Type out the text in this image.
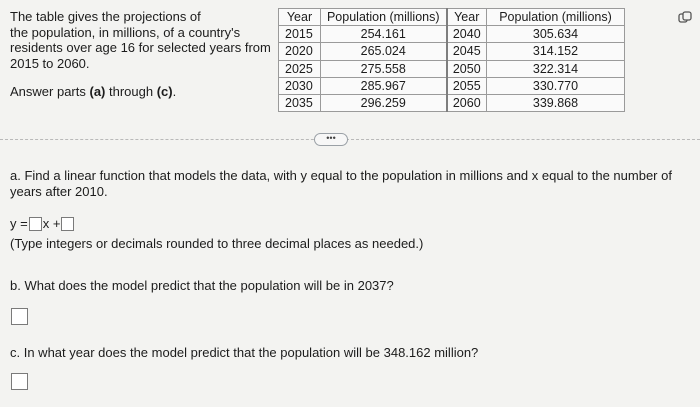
The table gives the projections of
the population, in millions, of a country's
residents over age 16 for selected years from
2015 to 2060.
Answer parts (a) through (c).
Year	Population (millions)	Year	Population (millions)
2015	254.161	2040	305.634
2020	265.024	2045	314.152
2025	275.558	2050	322.314
2030	285.967	2055	330.770
2035	296.259	2060	339.868
•••
a. Find a linear function that models the data, with y equal to the population in millions and x equal to the number of years after 2010.
y = x +
(Type integers or decimals rounded to three decimal places as needed.)
b. What does the model predict that the population will be in 2037?
c. In what year does the model predict that the population will be 348.162 million?
